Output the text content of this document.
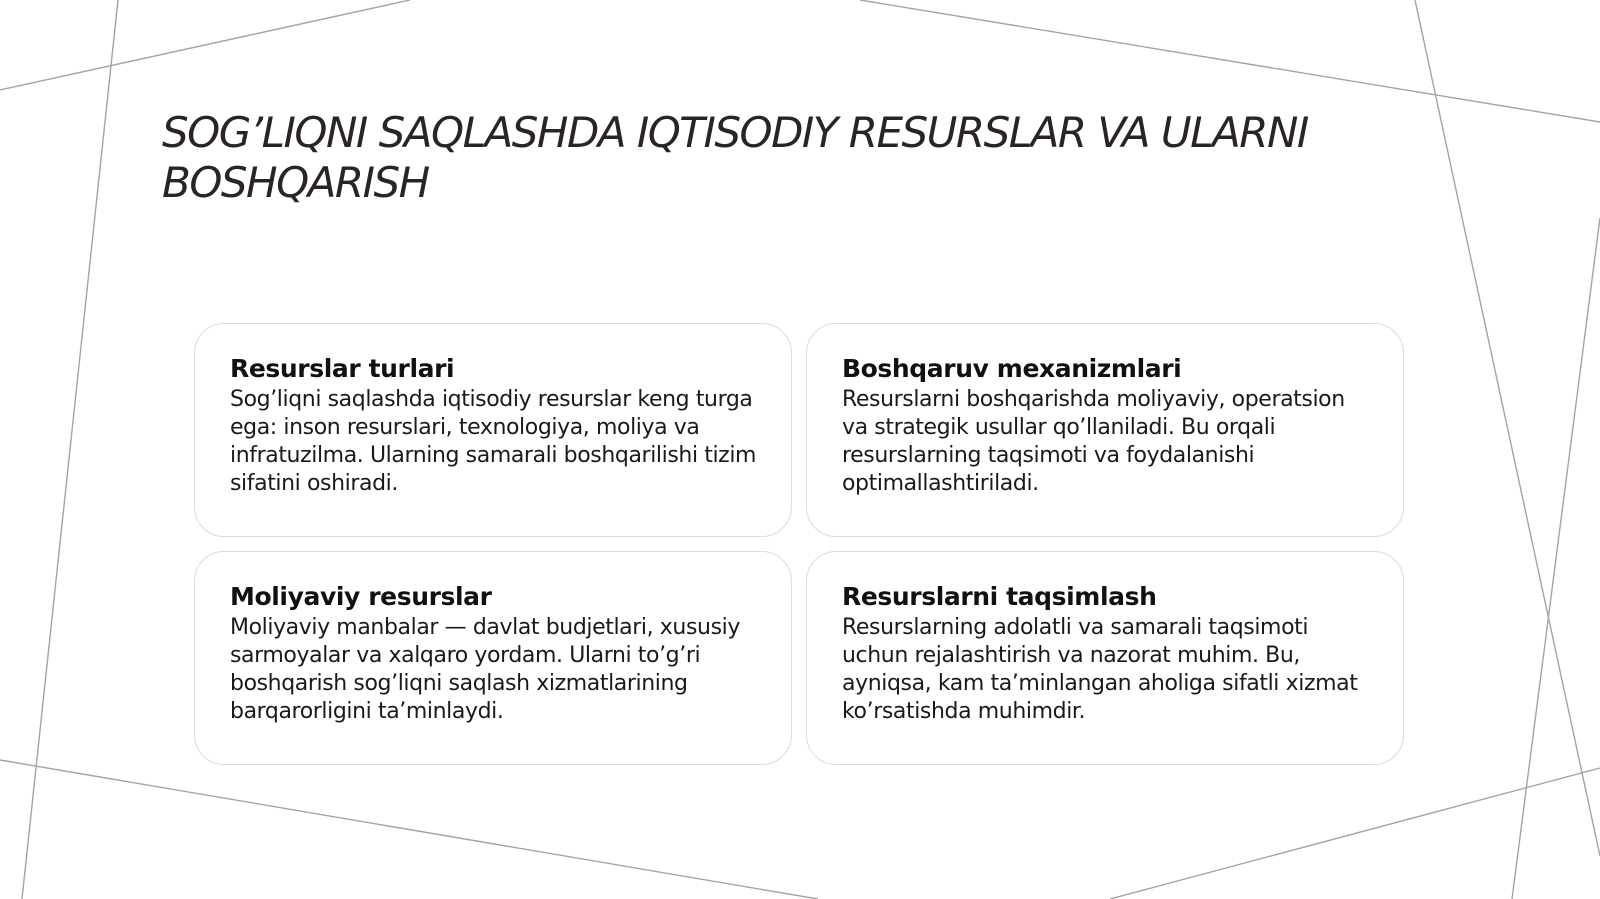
SOG’LIQNI SAQLASHDA IQTISODIY RESURSLAR VA ULARNI BOSHQARISH
Resurslar turlari

Sog’liqni saqlashda iqtisodiy resurslar keng turga ega: inson resurslari, texnologiya, moliya va infratuzilma. Ularning samarali boshqarilishi tizim sifatini oshiradi.

Boshqaruv mexanizmlari

Resurslarni boshqarishda moliyaviy, operatsion va strategik usullar qo’llaniladi. Bu orqali resurslarning taqsimoti va foydalanishi optimallashtiriladi.

Moliyaviy resurslar

Moliyaviy manbalar — davlat budjetlari, xususiy sarmoyalar va xalqaro yordam. Ularni to’g’ri boshqarish sog’liqni saqlash xizmatlarining barqarorligini ta’minlaydi.

Resurslarni taqsimlash

Resurslarning adolatli va samarali taqsimoti uchun rejalashtirish va nazorat muhim. Bu, ayniqsa, kam ta’minlangan aholiga sifatli xizmat ko’rsatishda muhimdir.
